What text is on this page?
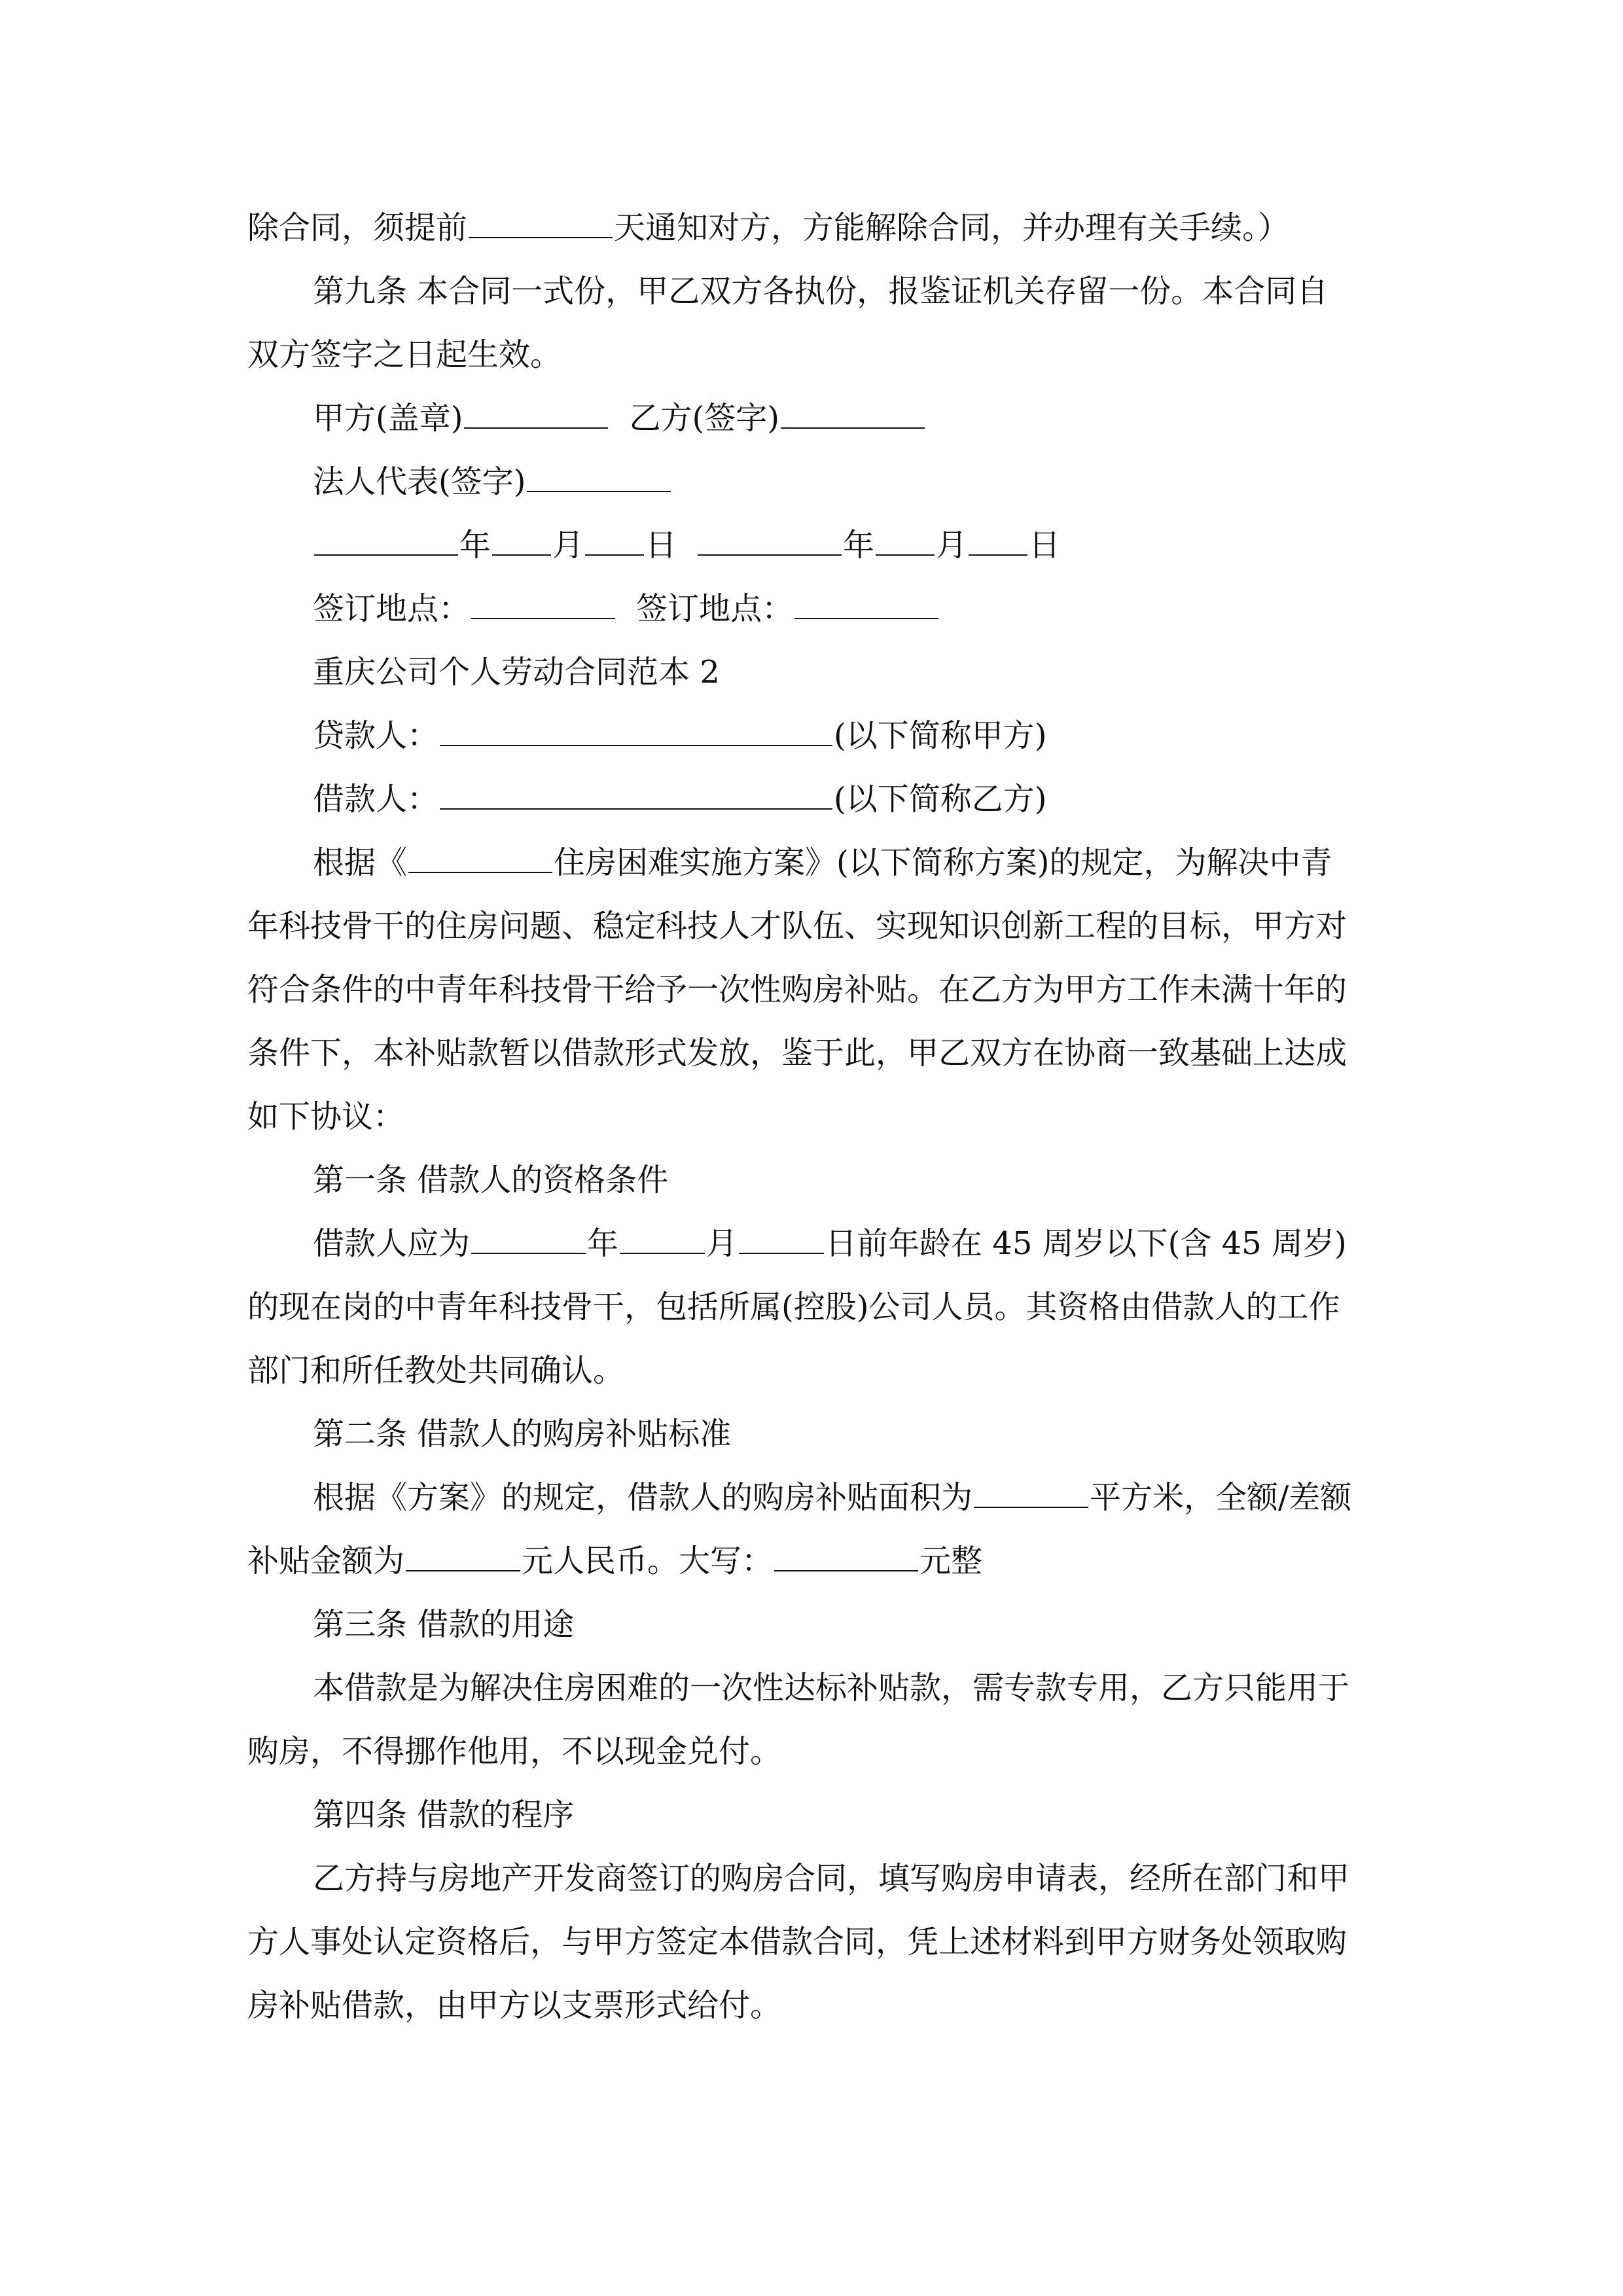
除合同，须提前	天通知对方，方能解除合同，并办理有关手续。）
第九条 本合同一式份，甲乙双方各执份，报鉴证机关存留一份。本合同自
双方签字之日起生效。
甲方(盖章)	乙方(签字)
法人代表(签字)
年 月 日	年 月 日
签订地点：	签订地点：
重庆公司个人劳动合同范本 2
贷款人：	(以下简称甲方)
借款人：	(以下简称乙方)
根据《	住房困难实施方案》(以下简称方案)的规定，为解决中青
年科技骨干的住房问题、稳定科技人才队伍、实现知识创新工程的目标，甲方对
符合条件的中青年科技骨干给予一次性购房补贴。在乙方为甲方工作未满十年的
条件下，本补贴款暂以借款形式发放，鉴于此，甲乙双方在协商一致基础上达成
如下协议：
第一条 借款人的资格条件
借款人应为	年	月	日前年龄在 45 周岁以下(含 45 周岁)
的现在岗的中青年科技骨干，包括所属(控股)公司人员。其资格由借款人的工作
部门和所任教处共同确认。
第二条 借款人的购房补贴标准
根据《方案》的规定，借款人的购房补贴面积为	平方米，全额/差额
补贴金额为	元人民币。大写：	元整
第三条 借款的用途
本借款是为解决住房困难的一次性达标补贴款，需专款专用，乙方只能用于
购房，不得挪作他用，不以现金兑付。
第四条 借款的程序
乙方持与房地产开发商签订的购房合同，填写购房申请表，经所在部门和甲
方人事处认定资格后，与甲方签定本借款合同，凭上述材料到甲方财务处领取购
房补贴借款，由甲方以支票形式给付。
